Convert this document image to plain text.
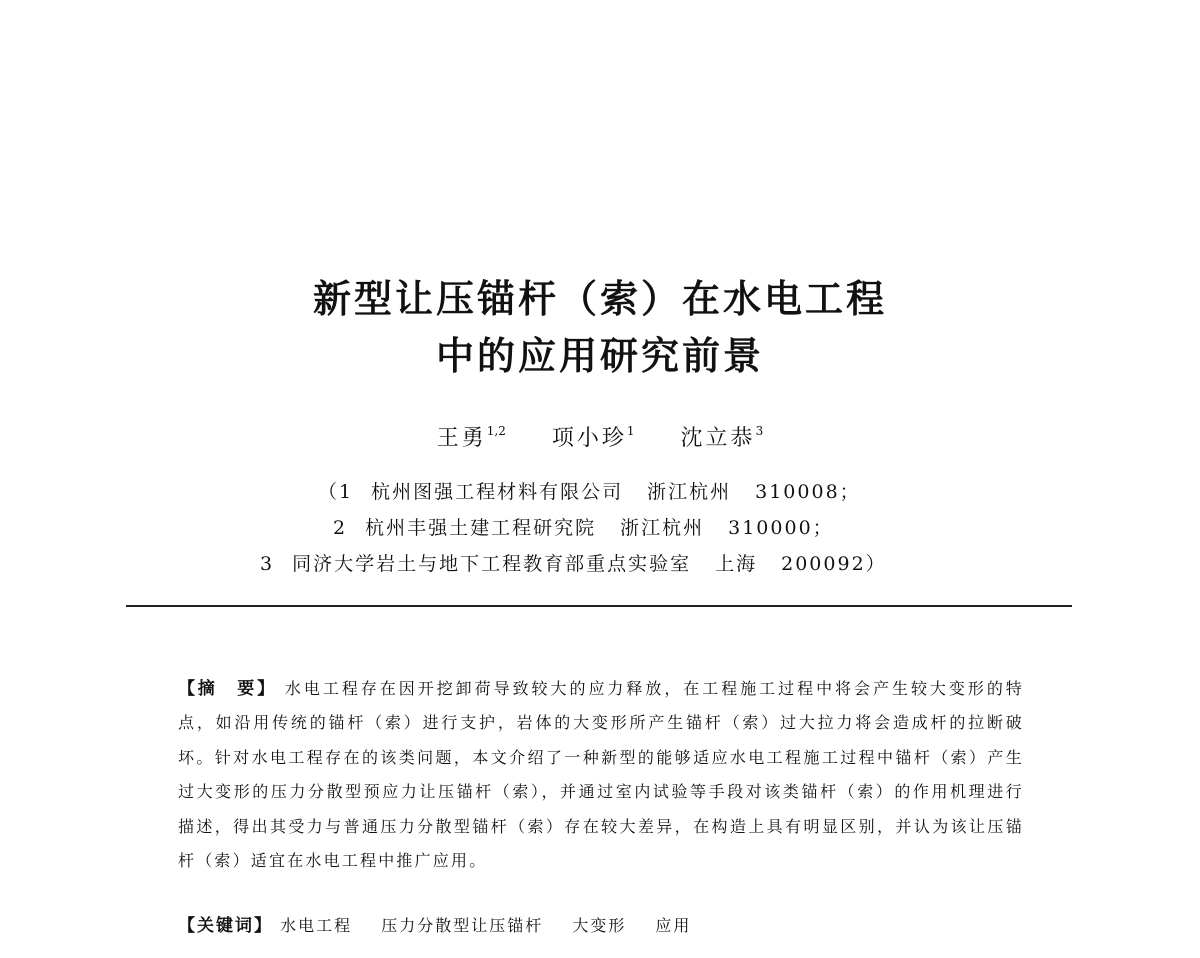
新型让压锚杆（索）在水电工程
中的应用研究前景
王勇$^{1,2}$ 项小珍$^1$ 沈立恭$^3$
（1 杭州图强工程材料有限公司 浙江杭州 310008；
2 杭州丰强土建工程研究院 浙江杭州 310000；
3 同济大学岩土与地下工程教育部重点实验室 上海 200092）
【摘　要】 水电工程存在因开挖卸荷导致较大的应力释放，在工程施工过程中将会产生较大变形的特点，如沿用传统的锚杆（索）进行支护，岩体的大变形所产生锚杆（索）过大拉力将会造成杆的拉断破坏。针对水电工程存在的该类问题，本文介绍了一种新型的能够适应水电工程施工过程中锚杆（索）产生过大变形的压力分散型预应力让压锚杆（索），并通过室内试验等手段对该类锚杆（索）的作用机理进行描述，得出其受力与普通压力分散型锚杆（索）存在较大差异，在构造上具有明显区别，并认为该让压锚杆（索）适宜在水电工程中推广应用。
【关键词】 水电工程 压力分散型让压锚杆 大变形 应用
